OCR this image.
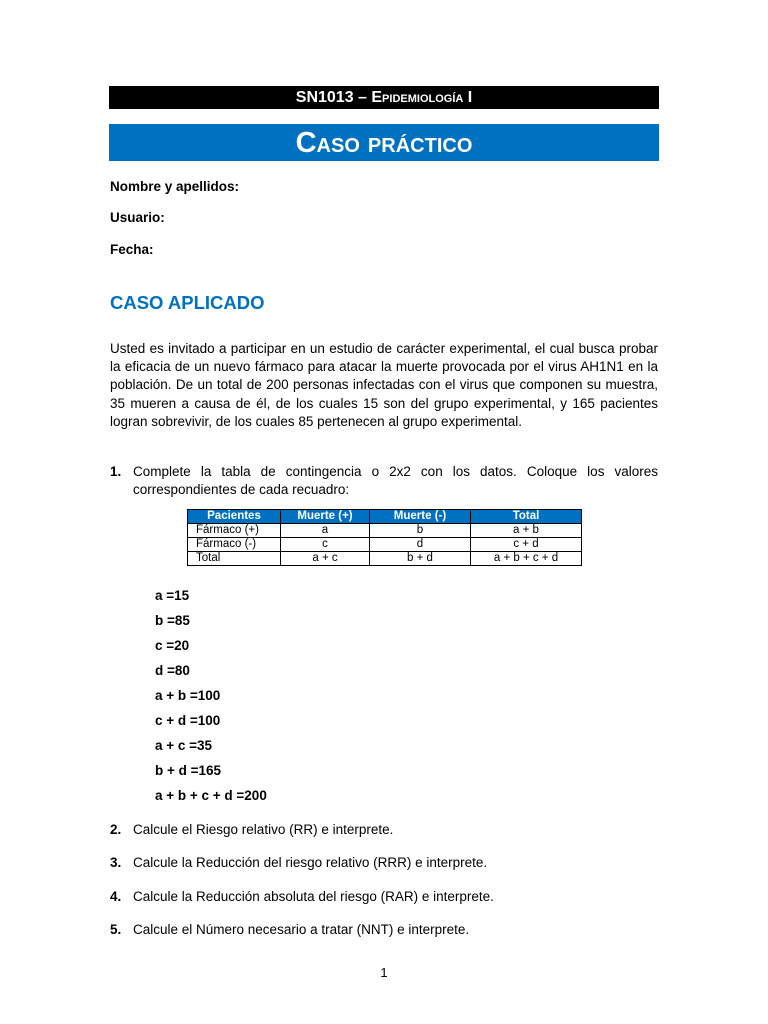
SN1013 – Epidemiología I
Caso práctico
Nombre y apellidos:
Usuario:
Fecha:
CASO APLICADO

Usted es invitado a participar en un estudio de carácter experimental, el cual busca probar la eficacia de un nuevo fármaco para atacar la muerte provocada por el virus AH1N1 en la población. De un total de 200 personas infectadas con el virus que componen su muestra, 35 mueren a causa de él, de los cuales 15 son del grupo experimental, y 165 pacientes logran sobrevivir, de los cuales 85 pertenecen al grupo experimental.

1. Complete la tabla de contingencia o 2x2 con los datos. Coloque los valores correspondientes de cada recuadro:
Pacientes	Muerte (+)	Muerte (-)	Total
Fármaco (+)	a	b	a + b
Fármaco (-)	c	d	c + d
Total	a + c	b + d	a + b + c + d
a =15
b =85
c =20
d =80
a + b =100
c + d =100
a + c =35
b + d =165
a + b + c + d =200
2. Calcule el Riesgo relativo (RR) e interprete.
3. Calcule la Reducción del riesgo relativo (RRR) e interprete.
4. Calcule la Reducción absoluta del riesgo (RAR) e interprete.
5. Calcule el Número necesario a tratar (NNT) e interprete.
1
